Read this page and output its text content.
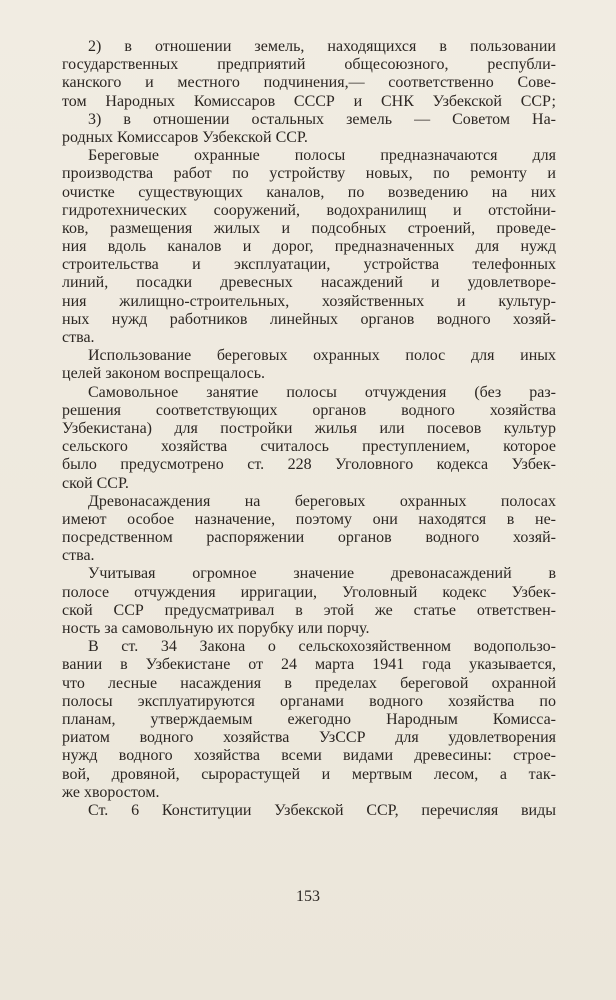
2) в отношении земель, находящихся в пользовании
государственных предприятий общесоюзного, республи-
канского и местного подчинения,— соответственно Сове-
том Народных Комиссаров СССР и СНК Узбекской ССР;
3) в отношении остальных земель — Советом На-
родных Комиссаров Узбекской ССР.
Береговые охранные полосы предназначаются для
производства работ по устройству новых, по ремонту и
очистке существующих каналов, по возведению на них
гидротехнических сооружений, водохранилищ и отстойни-
ков, размещения жилых и подсобных строений, проведе-
ния вдоль каналов и дорог, предназначенных для нужд
строительства и эксплуатации, устройства телефонных
линий, посадки древесных насаждений и удовлетворе-
ния жилищно-строительных, хозяйственных и культур-
ных нужд работников линейных органов водного хозяй-
ства.
Использование береговых охранных полос для иных
целей законом воспрещалось.
Самовольное занятие полосы отчуждения (без раз-
решения соответствующих органов водного хозяйства
Узбекистана) для постройки жилья или посевов культур
сельского хозяйства считалось преступлением, которое
было предусмотрено ст. 228 Уголовного кодекса Узбек-
ской ССР.
Древонасаждения на береговых охранных полосах
имеют особое назначение, поэтому они находятся в не-
посредственном распоряжении органов водного хозяй-
ства.
Учитывая огромное значение древонасаждений в
полосе отчуждения ирригации, Уголовный кодекс Узбек-
ской ССР предусматривал в этой же статье ответствен-
ность за самовольную их порубку или порчу.
В ст. 34 Закона о сельскохозяйственном водопользо-
вании в Узбекистане от 24 марта 1941 года указывается,
что лесные насаждения в пределах береговой охранной
полосы эксплуатируются органами водного хозяйства по
планам, утверждаемым ежегодно Народным Комисса-
риатом водного хозяйства УзССР для удовлетворения
нужд водного хозяйства всеми видами древесины: строе-
вой, дровяной, сырорастущей и мертвым лесом, а так-
же хворостом.
Ст. 6 Конституции Узбекской ССР, перечисляя виды
153
